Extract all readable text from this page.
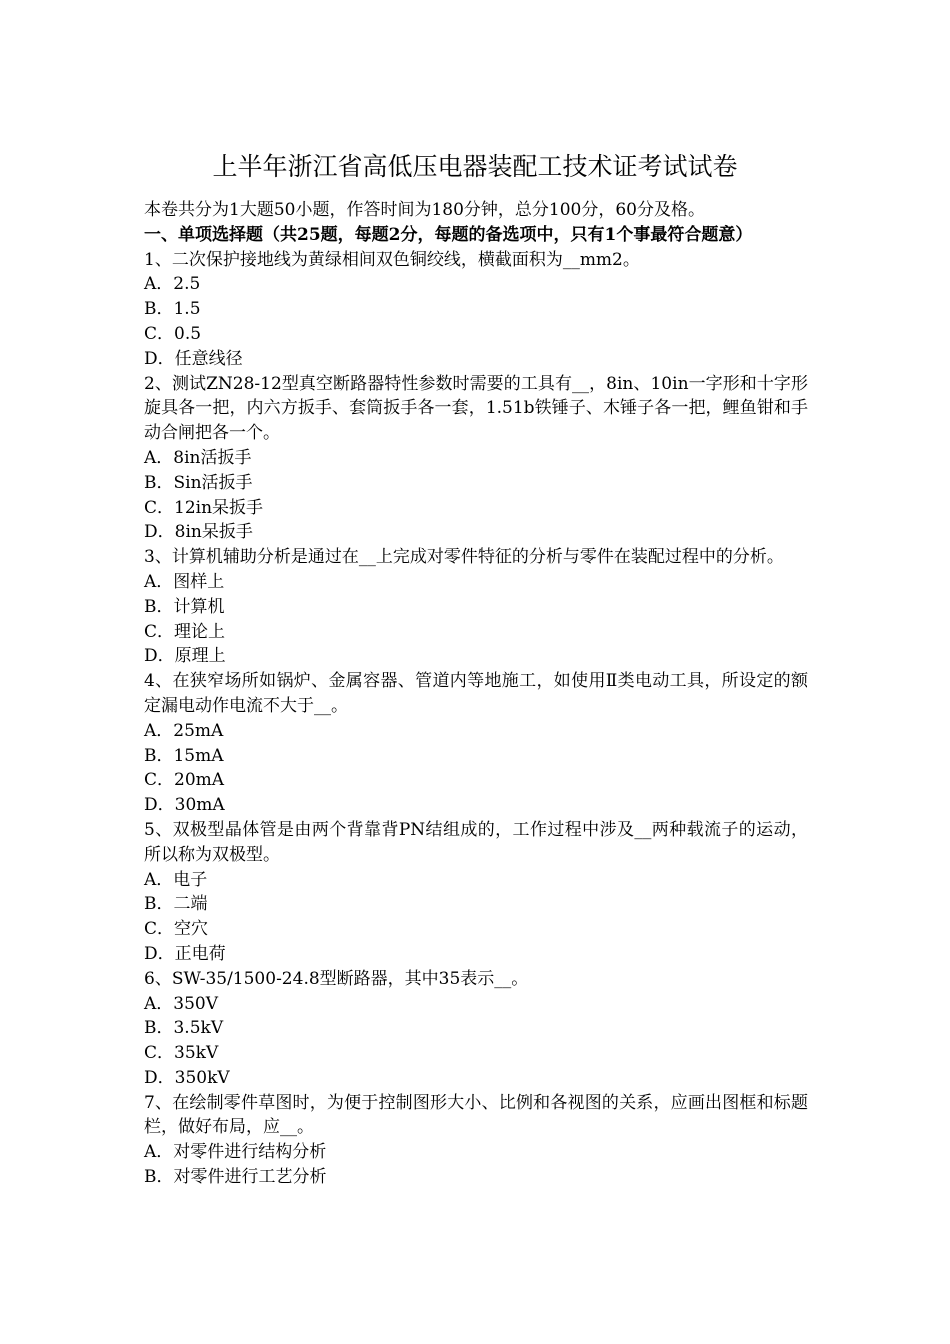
上半年浙江省高低压电器装配工技术证考试试卷

本卷共分为1大题50小题，作答时间为180分钟，总分100分，60分及格。

一、单项选择题（共25题，每题2分，每题的备选项中，只有1个事最符合题意）

1、二次保护接地线为黄绿相间双色铜绞线，横截面积为__mm2。

A．2.5

B．1.5

C．0.5

D．任意线径

2、测试ZN28-12型真空断路器特性参数时需要的工具有__，8in、10in一字形和十字形旋具各一把，内六方扳手、套筒扳手各一套，1.51b铁锤子、木锤子各一把，鲤鱼钳和手动合闸把各一个。

A．8in活扳手

B．Sin活扳手

C．12in呆扳手

D．8in呆扳手

3、计算机辅助分析是通过在__上完成对零件特征的分析与零件在装配过程中的分析。

A．图样上

B．计算机

C．理论上

D．原理上

4、在狭窄场所如锅炉、金属容器、管道内等地施工，如使用Ⅱ类电动工具，所设定的额定漏电动作电流不大于__。

A．25mA

B．15mA

C．20mA

D．30mA

5、双极型晶体管是由两个背靠背PN结组成的，工作过程中涉及__两种载流子的运动，所以称为双极型。

A．电子

B．二端

C．空穴

D．正电荷

6、SW-35/1500-24.8型断路器，其中35表示__。

A．350V

B．3.5kV

C．35kV

D．350kV

7、在绘制零件草图时，为便于控制图形大小、比例和各视图的关系，应画出图框和标题栏，做好布局，应__。

A．对零件进行结构分析

B．对零件进行工艺分析
